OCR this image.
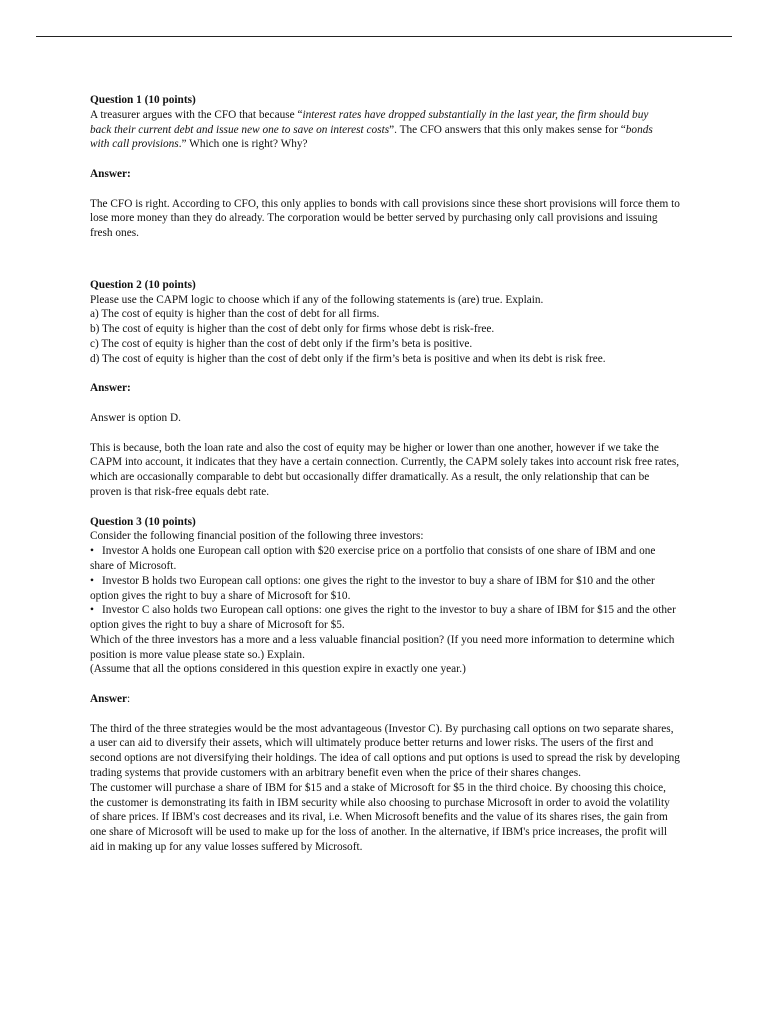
Question 1 (10 points)

A treasurer argues with the CFO that because “interest rates have dropped substantially in the last year, the firm should buy
back their current debt and issue new one to save on interest costs”. The CFO answers that this only makes sense for “bonds
with call provisions.” Which one is right? Why?

Answer:

The CFO is right. According to CFO, this only applies to bonds with call provisions since these short provisions will force them to lose more money than they do already. The corporation would be better served by purchasing only call provisions and issuing fresh ones.

Question 2 (10 points)

Please use the CAPM logic to choose which if any of the following statements is (are) true. Explain.

a) The cost of equity is higher than the cost of debt for all firms.

b) The cost of equity is higher than the cost of debt only for firms whose debt is risk-free.

c) The cost of equity is higher than the cost of debt only if the firm’s beta is positive.

d) The cost of equity is higher than the cost of debt only if the firm’s beta is positive and when its debt is risk free.

Answer:

Answer is option D.

This is because, both the loan rate and also the cost of equity may be higher or lower than one another, however if we take the CAPM into account, it indicates that they have a certain connection. Currently, the CAPM solely takes into account risk free rates, which are occasionally comparable to debt but occasionally differ dramatically. As a result, the only relationship that can be proven is that risk-free equals debt rate.

Question 3 (10 points)

Consider the following financial position of the following three investors:

• Investor A holds one European call option with $20 exercise price on a portfolio that consists of one share of IBM and one share of Microsoft.

• Investor B holds two European call options: one gives the right to the investor to buy a share of IBM for $10 and the other option gives the right to buy a share of Microsoft for $10.

• Investor C also holds two European call options: one gives the right to the investor to buy a share of IBM for $15 and the other option gives the right to buy a share of Microsoft for $5.

Which of the three investors has a more and a less valuable financial position? (If you need more information to determine which position is more value please state so.) Explain.

(Assume that all the options considered in this question expire in exactly one year.)

Answer:

The third of the three strategies would be the most advantageous (Investor C). By purchasing call options on two separate shares, a user can aid to diversify their assets, which will ultimately produce better returns and lower risks. The users of the first and second options are not diversifying their holdings. The idea of call options and put options is used to spread the risk by developing trading systems that provide customers with an arbitrary benefit even when the price of their shares changes.

The customer will purchase a share of IBM for $15 and a stake of Microsoft for $5 in the third choice. By choosing this choice, the customer is demonstrating its faith in IBM security while also choosing to purchase Microsoft in order to avoid the volatility of share prices. If IBM's cost decreases and its rival, i.e. When Microsoft benefits and the value of its shares rises, the gain from one share of Microsoft will be used to make up for the loss of another. In the alternative, if IBM's price increases, the profit will aid in making up for any value losses suffered by Microsoft.
